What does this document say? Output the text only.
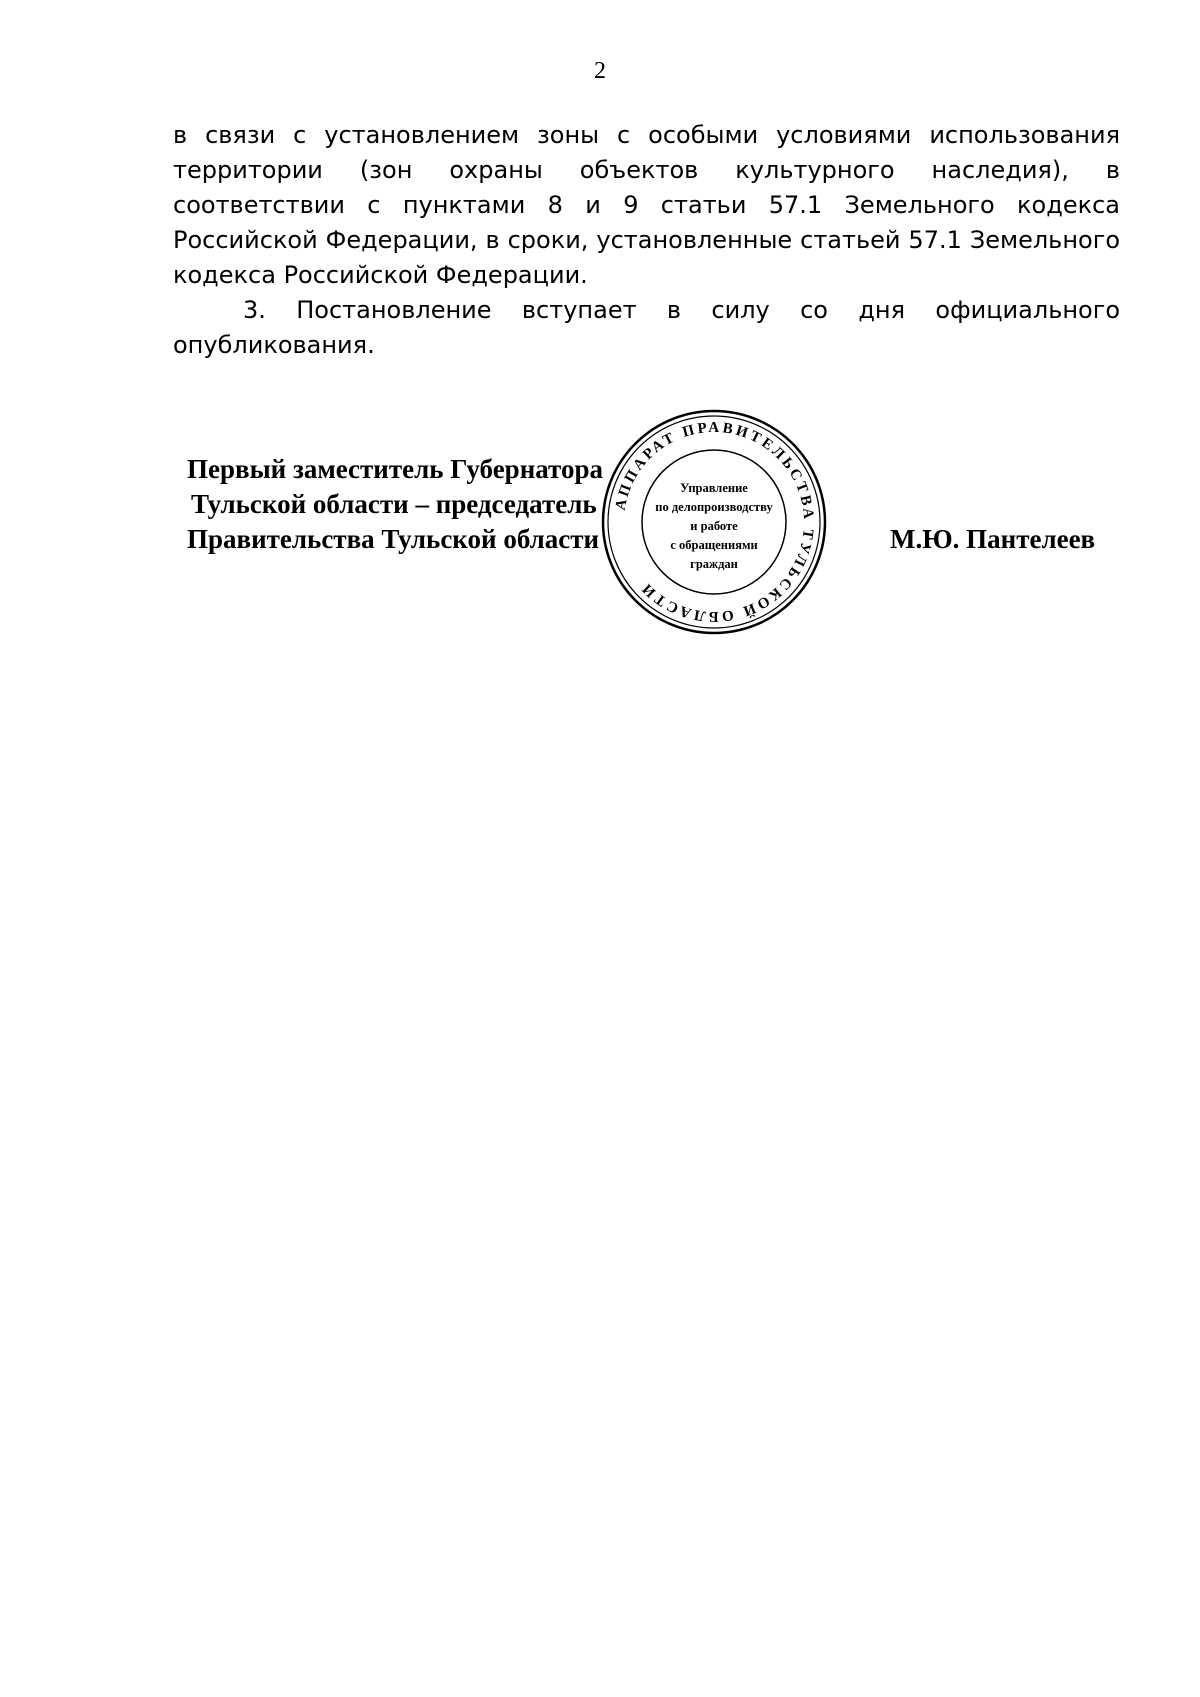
2

в связи с установлением зоны с особыми условиями использования территории (зон охраны объектов культурного наследия), в соответствии с пунктами 8 и 9 статьи 57.1 Земельного кодекса Российской Федерации, в сроки, установленные статьей 57.1 Земельного кодекса Российской Федерации.

3. Постановление вступает в силу со дня официального опубликования.

Первый заместитель Губернатора
Тульской области – председатель
Правительства Тульской области
АППАРАТ ПРАВИТЕЛЬСТВА ТУЛЬСКОЙ ОБЛАСТИ
Управление
по делопроизводству
и работе
с обращениями
граждан
М.Ю. Пантелеев
